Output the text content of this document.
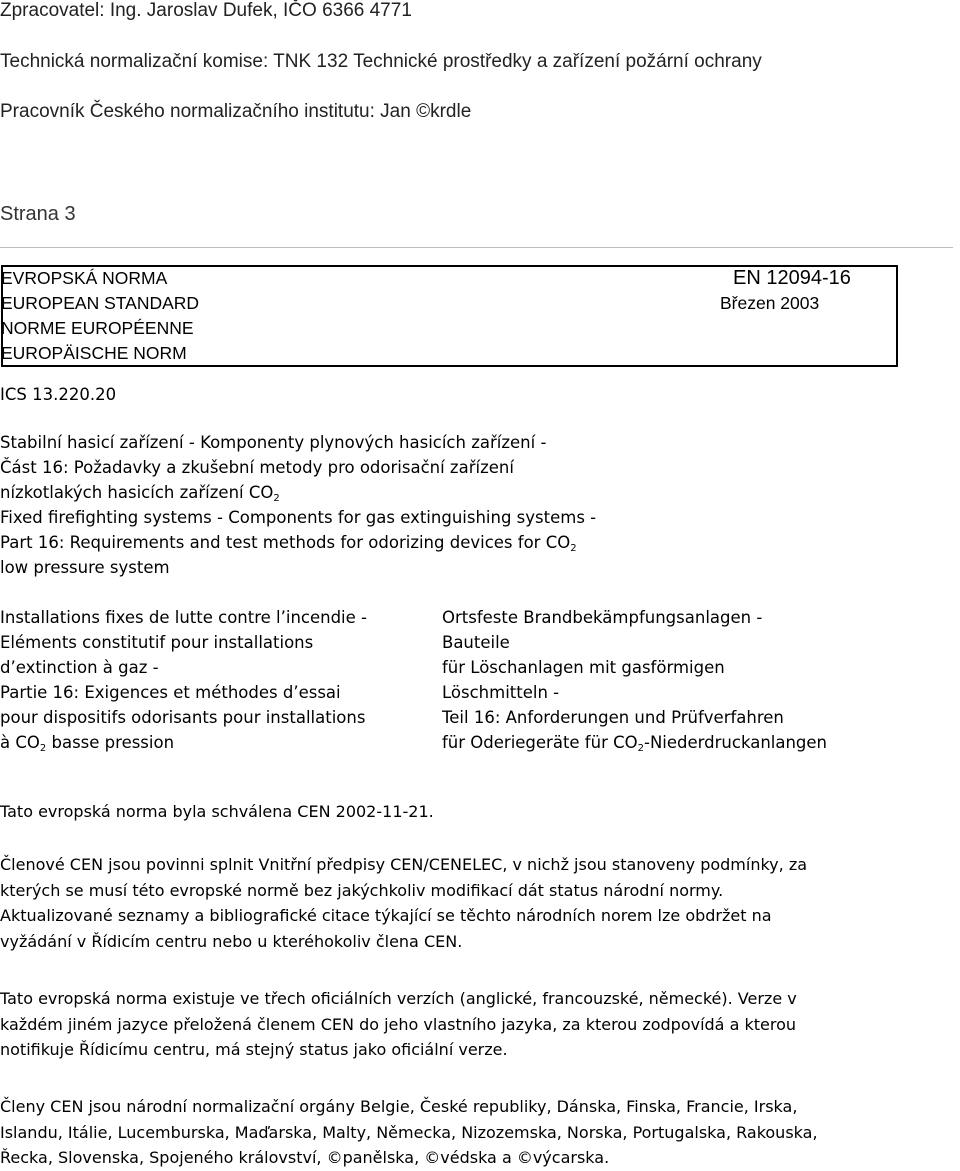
Zpracovatel: Ing. Jaroslav Dufek, IČO 6366 4771
Technická normalizační komise: TNK 132 Technické prostředky a zařízení požární ochrany
Pracovník Českého normalizačního institutu: Jan ©krdle
Strana 3
EVROPSKÁ NORMA
EUROPEAN STANDARD
NORME EUROPÉENNE
EUROPÄISCHE NORM
EN 12094-16
Březen 2003
ICS 13.220.20
Stabilní hasicí zařízení - Komponenty plynových hasicích zařízení -
Část 16: Požadavky a zkušební metody pro odorisační zařízení
nízkotlakých hasicích zařízení $CO_2$
Fixed firefighting systems - Components for gas extinguishing systems -
Part 16: Requirements and test methods for odorizing devices for $CO_2$
low pressure system
Installations fixes de lutte contre l’incendie -
Eléments constitutif pour installations
d’extinction à gaz -
Partie 16: Exigences et méthodes d’essai
pour dispositifs odorisants pour installations
à $CO_2$ basse pression
Ortsfeste Brandbekämpfungsanlagen -
Bauteile
für Löschanlagen mit gasförmigen
Löschmitteln -
Teil 16: Anforderungen und Prüfverfahren
für Oderiegeräte für $CO_2$-Niederdruckanlangen
Tato evropská norma byla schválena CEN 2002-11-21.
Členové CEN jsou povinni splnit Vnitřní předpisy CEN/CENELEC, v nichž jsou stanoveny podmínky, za
kterých se musí této evropské normě bez jakýchkoliv modifikací dát status národní normy.
Aktualizované seznamy a bibliografické citace týkající se těchto národních norem lze obdržet na
vyžádání v Řídicím centru nebo u kteréhokoliv člena CEN.
Tato evropská norma existuje ve třech oficiálních verzích (anglické, francouzské, německé). Verze v
každém jiném jazyce přeložená členem CEN do jeho vlastního jazyka, za kterou zodpovídá a kterou
notifikuje Řídicímu centru, má stejný status jako oficiální verze.
Členy CEN jsou národní normalizační orgány Belgie, České republiky, Dánska, Finska, Francie, Irska,
Islandu, Itálie, Lucemburska, Maďarska, Malty, Německa, Nizozemska, Norska, Portugalska, Rakouska,
Řecka, Slovenska, Spojeného království, ©panělska, ©védska a ©výcarska.
